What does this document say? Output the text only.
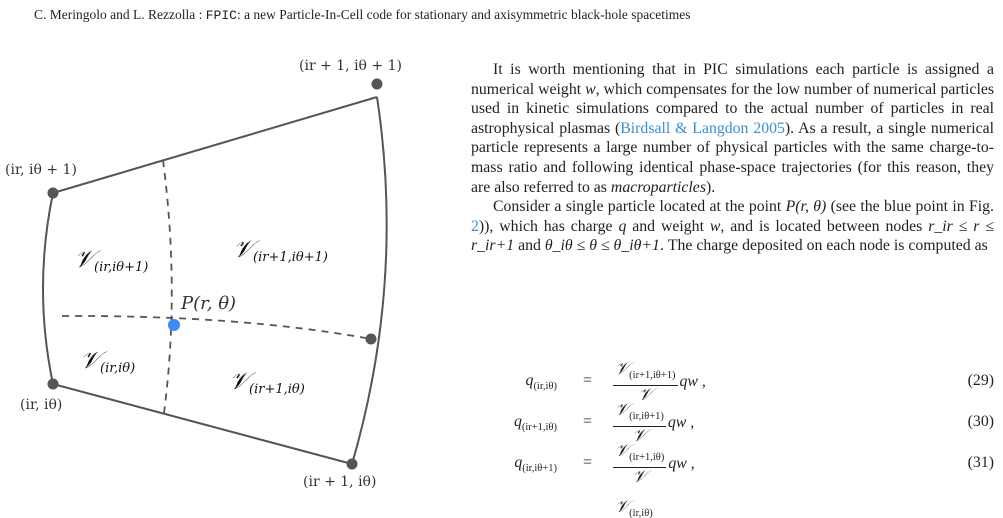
C. Meringolo and L. Rezzolla : FPIC: a new Particle-In-Cell code for stationary and axisymmetric black-hole spacetimes
(ir + 1, iθ + 1)
(ir, iθ + 1)
(ir, iθ)
(ir + 1, iθ)
P(r, θ)
𝒱(ir,iθ+1)
𝒱(ir+1,iθ+1)
𝒱(ir,iθ)	𝒱(ir+1,iθ)

It is worth mentioning that in PIC simulations each particle is assigned a numerical weight w, which compensates for the low number of numerical particles used in kinetic simulations compared to the actual number of particles in real astrophysical plasmas (Birdsall & Langdon 2005). As a result, a single numerical particle represents a large number of physical particles with the same charge-to-mass ratio and following identical phase-space trajectories (for this reason, they are also referred to as macroparticles).

Consider a single particle located at the point P(r, θ) (see the blue point in Fig. 2)), which has charge q and weight w, and is located between nodes r_ir ≤ r ≤ r_ir+1 and θ_iθ ≤ θ ≤ θ_iθ+1. The charge deposited on each node is computed as

$q_{(ir,i\theta)} = \frac{𝒱_{(ir+1,i\theta+1)}}{\text{𝒱}}$ qw ,	(29)
$q_{(ir+1,i\theta)} = \frac{𝒱_{(ir,i\theta+1)}}{\text{𝒱}}$ qw ,	(30)
$q_{(ir,i\theta+1)} = \frac{𝒱_{(ir+1,i\theta)}}{\text{𝒱}}$ qw ,	(31)
𝒱$_{(ir,i\theta)}$
